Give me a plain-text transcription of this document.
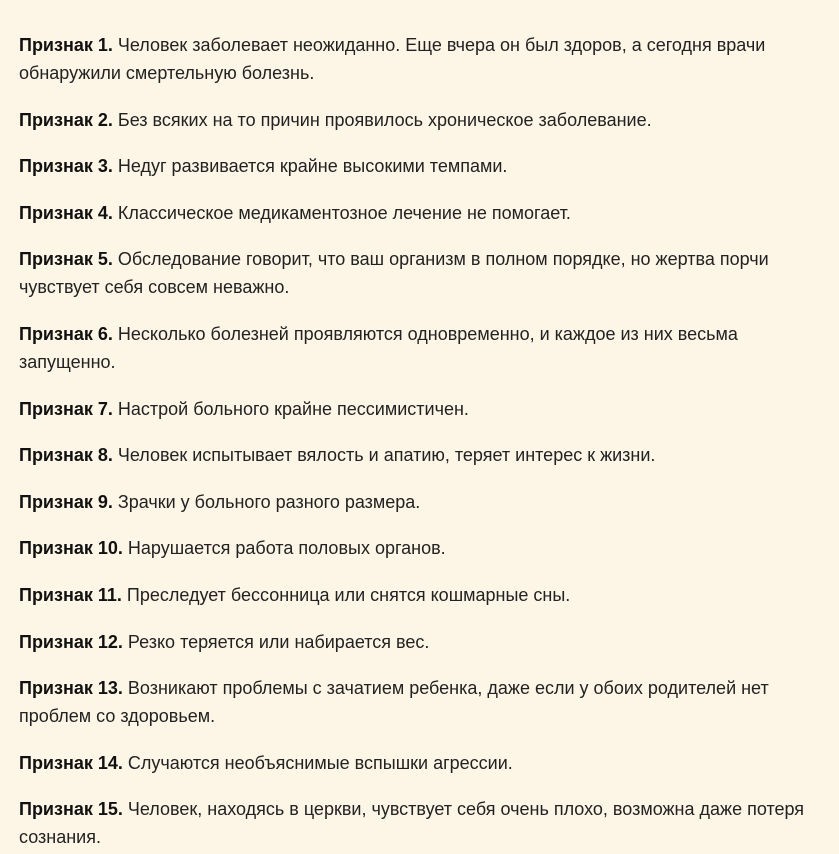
Признак 1. Человек заболевает неожиданно. Еще вчера он был здоров, а сегодня врачи обнаружили смертельную болезнь.

Признак 2. Без всяких на то причин проявилось хроническое заболевание.

Признак 3. Недуг развивается крайне высокими темпами.

Признак 4. Классическое медикаментозное лечение не помогает.

Признак 5. Обследование говорит, что ваш организм в полном порядке, но жертва порчи чувствует себя совсем неважно.

Признак 6. Несколько болезней проявляются одновременно, и каждое из них весьма запущенно.

Признак 7. Настрой больного крайне пессимистичен.

Признак 8. Человек испытывает вялость и апатию, теряет интерес к жизни.

Признак 9. Зрачки у больного разного размера.

Признак 10. Нарушается работа половых органов.

Признак 11. Преследует бессонница или снятся кошмарные сны.

Признак 12. Резко теряется или набирается вес.

Признак 13. Возникают проблемы с зачатием ребенка, даже если у обоих родителей нет проблем со здоровьем.

Признак 14. Случаются необъяснимые вспышки агрессии.

Признак 15. Человек, находясь в церкви, чувствует себя очень плохо, возможна даже потеря сознания.
